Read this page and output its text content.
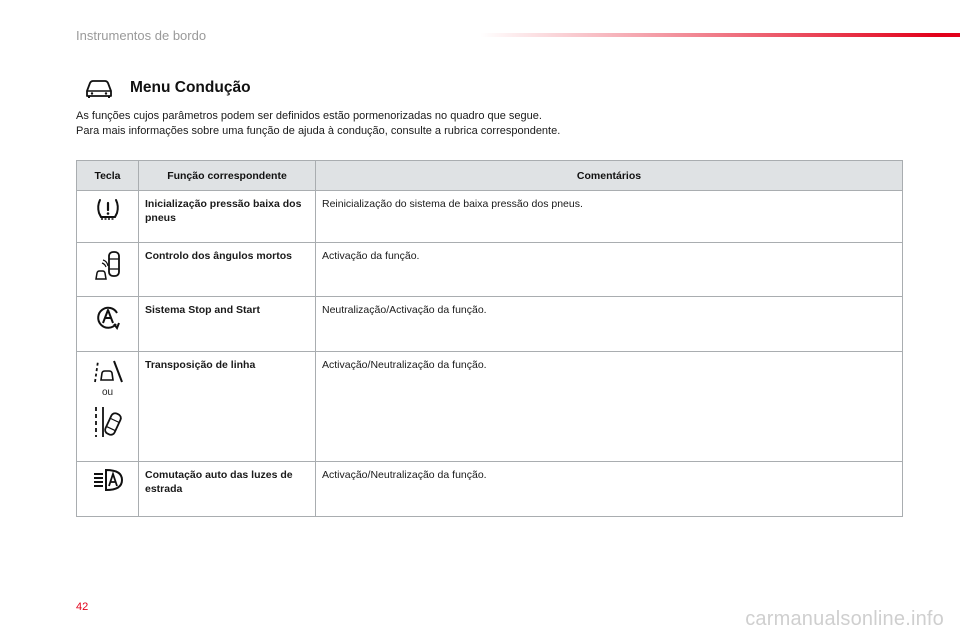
Instrumentos de bordo
Menu Condução

As funções cujos parâmetros podem ser definidos estão pormenorizadas no quadro que segue.

Para mais informações sobre uma função de ajuda à condução, consulte a rubrica correspondente.

Tecla	Função correspondente	Comentários

	Inicialização pressão baixa dos pneus	Reinicialização do sistema de baixa pressão dos pneus.

	Controlo dos ângulos mortos	Activação da função.

	Sistema Stop and Start	Neutralização/Activação da função.

ou	Transposição de linha	Activação/Neutralização da função.

	Comutação auto das luzes de estrada	Activação/Neutralização da função.
42
carmanualsonline.info
